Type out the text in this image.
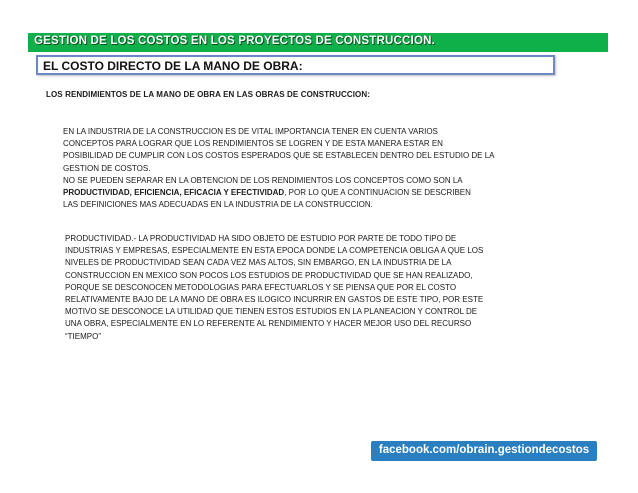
GESTION DE LOS COSTOS EN LOS PROYECTOS DE CONSTRUCCION.
EL COSTO DIRECTO DE LA MANO DE OBRA:
LOS RENDIMIENTOS DE LA MANO DE OBRA EN LAS OBRAS DE CONSTRUCCION:
EN LA INDUSTRIA DE LA CONSTRUCCION ES DE VITAL IMPORTANCIA TENER EN CUENTA VARIOS
CONCEPTOS PARA LOGRAR QUE LOS RENDIMIENTOS SE LOGREN Y DE ESTA MANERA ESTAR EN
POSIBILIDAD DE CUMPLIR CON LOS COSTOS ESPERADOS QUE SE ESTABLECEN DENTRO DEL ESTUDIO DE LA
GESTION DE COSTOS.
NO SE PUEDEN SEPARAR EN LA OBTENCION DE LOS RENDIMIENTOS LOS CONCEPTOS COMO SON LA
PRODUCTIVIDAD, EFICIENCIA, EFICACIA Y EFECTIVIDAD, POR LO QUE A CONTINUACION SE DESCRIBEN
LAS DEFINICIONES MAS ADECUADAS EN LA INDUSTRIA DE LA CONSTRUCCION.
PRODUCTIVIDAD.- LA PRODUCTIVIDAD HA SIDO OBJETO DE ESTUDIO POR PARTE DE TODO TIPO DE
INDUSTRIAS Y EMPRESAS, ESPECIALMENTE EN ESTA EPOCA DONDE LA COMPETENCIA OBLIGA A QUE LOS
NIVELES DE PRODUCTIVIDAD SEAN CADA VEZ MAS ALTOS, SIN EMBARGO, EN LA INDUSTRIA DE LA
CONSTRUCCION EN MEXICO SON POCOS LOS ESTUDIOS DE PRODUCTIVIDAD QUE SE HAN REALIZADO,
PORQUE SE DESCONOCEN METODOLOGIAS PARA EFECTUARLOS Y SE PIENSA QUE POR EL COSTO
RELATIVAMENTE BAJO DE LA MANO DE OBRA ES ILOGICO INCURRIR EN GASTOS DE ESTE TIPO, POR ESTE
MOTIVO SE DESCONOCE LA UTILIDAD QUE TIENEN ESTOS ESTUDIOS EN LA PLANEACION Y CONTROL DE
UNA OBRA, ESPECIALMENTE EN LO REFERENTE AL RENDIMIENTO Y HACER MEJOR USO DEL RECURSO
“TIEMPO”
facebook.com/obrain.gestiondecostos
